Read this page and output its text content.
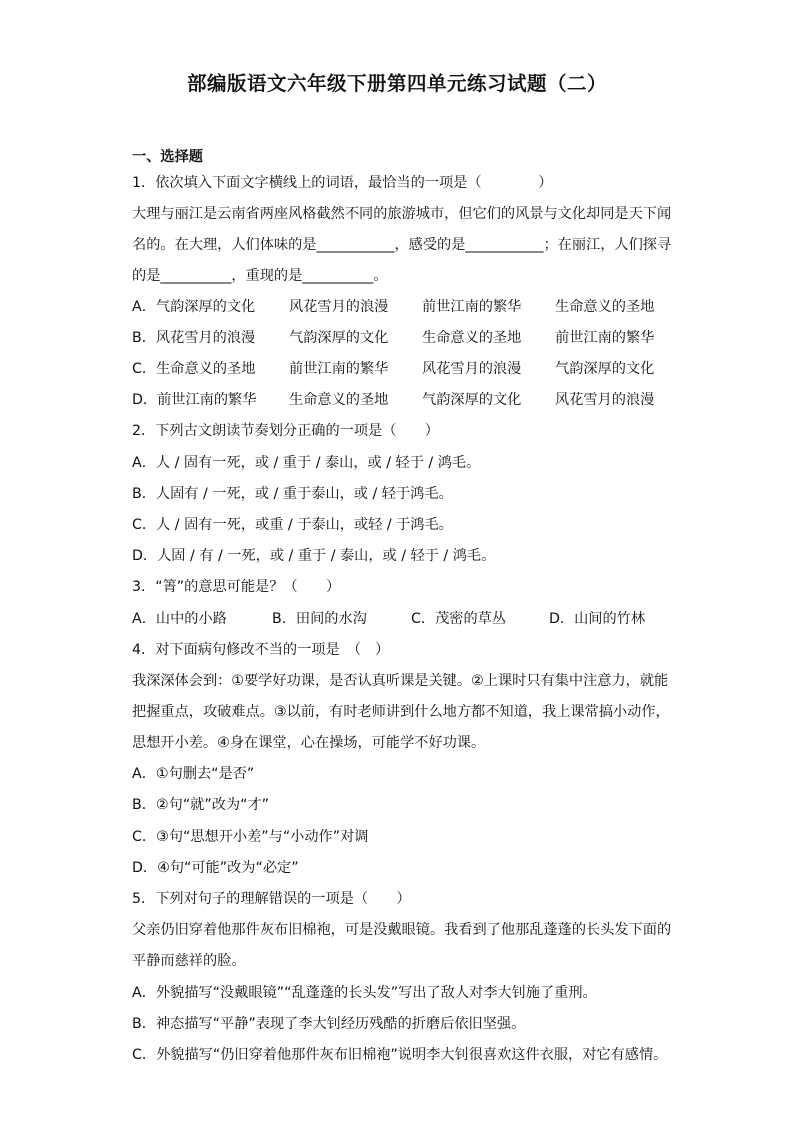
部编版语文六年级下册第四单元练习试题（二）
一、选择题
1．依次填入下面文字横线上的词语，最恰当的一项是（　　　　）
大理与丽江是云南省两座风格截然不同的旅游城市，但它们的风景与文化却同是天下闻
名的。在大理，人们体味的是___________，感受的是___________；在丽江，人们探寻
的是__________，重现的是__________。
A．气韵深厚的文化 风花雪月的浪漫 前世江南的繁华 生命意义的圣地
B．风花雪月的浪漫 气韵深厚的文化 生命意义的圣地 前世江南的繁华
C．生命意义的圣地 前世江南的繁华 风花雪月的浪漫 气韵深厚的文化
D．前世江南的繁华 生命意义的圣地 气韵深厚的文化 风花雪月的浪漫
2．下列古文朗读节奏划分正确的一项是（　　）
A．人 / 固有一死，或 / 重于 / 泰山，或 / 轻于 / 鸿毛。
B．人固有 / 一死，或 / 重于泰山，或 / 轻于鸿毛。
C．人 / 固有一死，或重 / 于泰山，或轻 / 于鸿毛。
D．人固 / 有 / 一死，或 / 重于 / 泰山，或 / 轻于 / 鸿毛。
3．“箐”的意思可能是？（　　）
A．山中的小路	B．田间的水沟	C．茂密的草丛	D．山间的竹林
4．对下面病句修改不当的一项是　（　）
我深深体会到：①要学好功课，是否认真听课是关键。②上课时只有集中注意力，就能
把握重点，攻破难点。③以前，有时老师讲到什么地方都不知道，我上课常搞小动作，
思想开小差。④身在课堂，心在操场，可能学不好功课。
A．①句删去“是否”
B．②句“就”改为“才”
C．③句“思想开小差”与“小动作”对调
D．④句“可能”改为“必定”
5．下列对句子的理解错误的一项是（　　）
父亲仍旧穿着他那件灰布旧棉袍，可是没戴眼镜。我看到了他那乱蓬蓬的长头发下面的
平静而慈祥的脸。
A．外貌描写“没戴眼镜”“乱蓬蓬的长头发”写出了敌人对李大钊施了重刑。
B．神态描写“平静”表现了李大钊经历残酷的折磨后依旧坚强。
C．外貌描写“仍旧穿着他那件灰布旧棉袍”说明李大钊很喜欢这件衣服，对它有感情。
